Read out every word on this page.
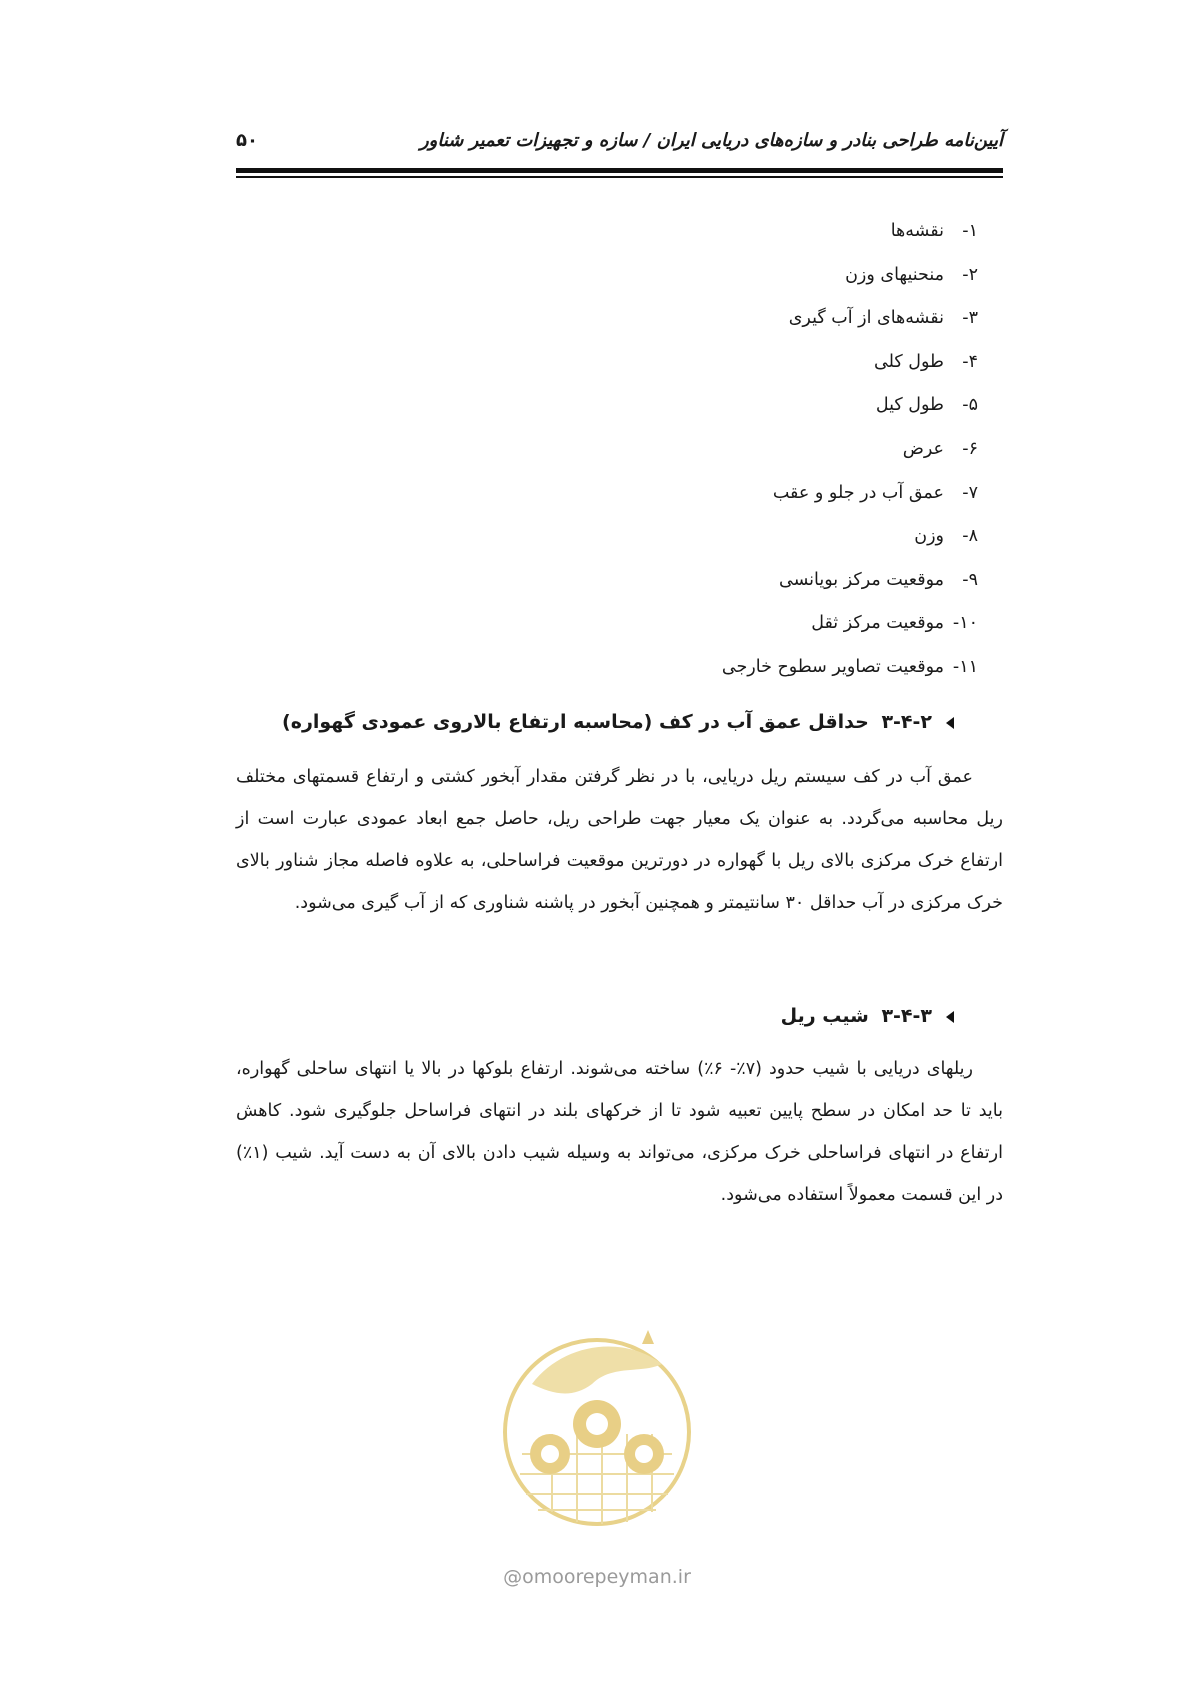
۵۰	آیین‌نامه طراحی بنادر و سازه‌های دریایی ایران / سازه و تجهیزات تعمیر شناور
۱-نقشه‌ها
۲-منحنیهای وزن
۳-نقشه‌های از آب گیری
۴-طول کلی
۵-طول کیل
۶-عرض
۷-عمق آب در جلو و عقب
۸-وزن
۹-موقعیت مرکز بویانسی
۱۰-موقعیت مرکز ثقل
۱۱-موقعیت تصاویر سطوح خارجی
۳-۴-۲ حداقل عمق آب در کف (محاسبه ارتفاع بالاروی عمودی گهواره)

عمق آب در کف سیستم ریل دریایی، با در نظر گرفتن مقدار آبخور کشتی و ارتفاع قسمتهای مختلف ریل محاسبه می‌گردد. به عنوان یک معیار جهت طراحی ریل، حاصل جمع ابعاد عمودی عبارت است از ارتفاع خرک مرکزی بالای ریل با گهواره در دورترین موقعیت فراساحلی، به علاوه فاصله مجاز شناور بالای خرک مرکزی در آب حداقل ۳۰ سانتیمتر و همچنین آبخور در پاشنه شناوری که از آب گیری می‌شود.

۳-۴-۳ شیب ریل

ریلهای دریایی با شیب حدود (۷٪- ۶٪) ساخته می‌شوند. ارتفاع بلوکها در بالا یا انتهای ساحلی گهواره، باید تا حد امکان در سطح پایین تعبیه شود تا از خرکهای بلند در انتهای فراساحل جلوگیری شود. کاهش ارتفاع در انتهای فراساحلی خرک مرکزی، می‌تواند به وسیله شیب دادن بالای آن به دست آید. شیب (۱٪) در این قسمت معمولاً استفاده می‌شود.

@omoorepeyman.ir
